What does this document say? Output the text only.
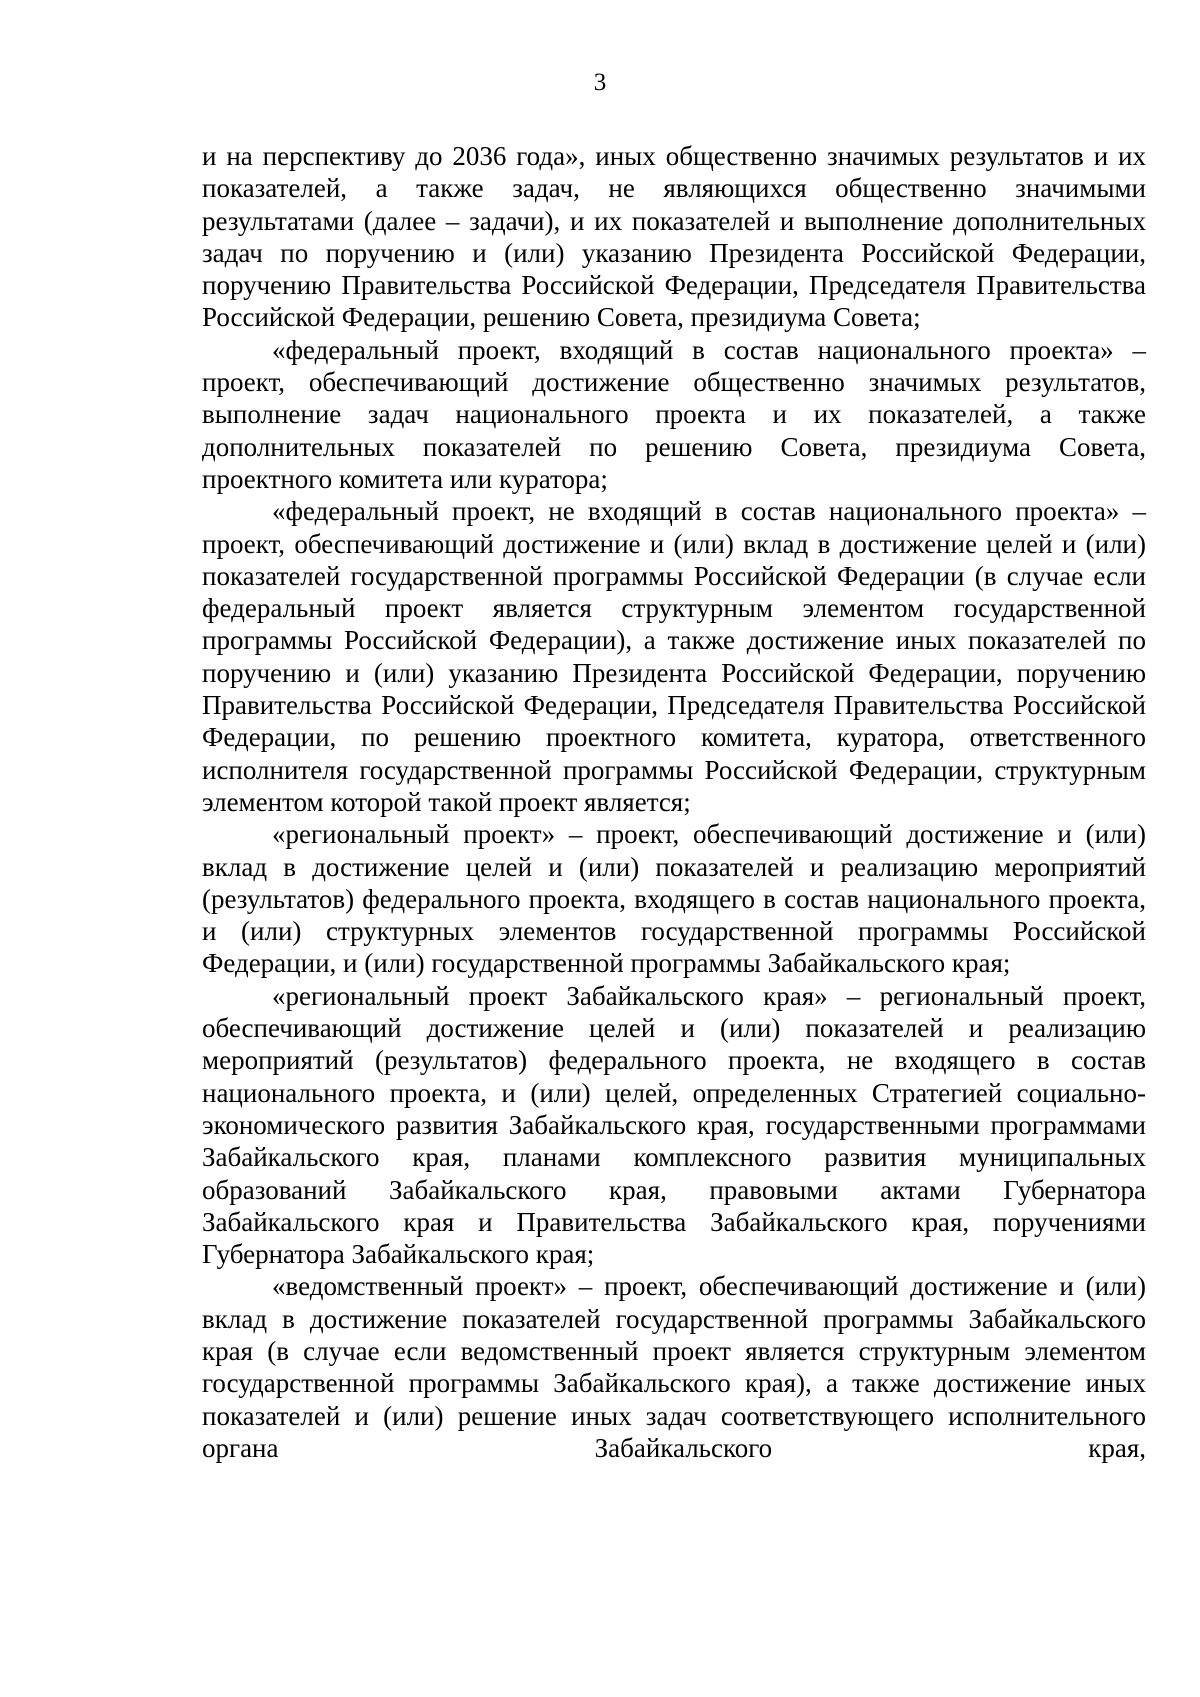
3

и на перспективу до 2036 года», иных общественно значимых результатов и их показателей, а также задач, не являющихся общественно значимыми результатами (далее – задачи), и их показателей и выполнение дополнительных задач по поручению и (или) указанию Президента Российской Федерации, поручению Правительства Российской Федерации, Председателя Правительства Российской Федерации, решению Совета, президиума Совета;

«федеральный проект, входящий в состав национального проекта» – проект, обеспечивающий достижение общественно значимых результатов, выполнение задач национального проекта и их показателей, а также дополнительных показателей по решению Совета, президиума Совета, проектного комитета или куратора;

«федеральный проект, не входящий в состав национального проекта» – проект, обеспечивающий достижение и (или) вклад в достижение целей и (или) показателей государственной программы Российской Федерации (в случае если федеральный проект является структурным элементом государственной программы Российской Федерации), а также достижение иных показателей по поручению и (или) указанию Президента Российской Федерации, поручению Правительства Российской Федерации, Председателя Правительства Российской Федерации, по решению проектного комитета, куратора, ответственного исполнителя государственной программы Российской Федерации, структурным элементом которой такой проект является;

«региональный проект» – проект, обеспечивающий достижение и (или) вклад в достижение целей и (или) показателей и реализацию мероприятий (результатов) федерального проекта, входящего в состав национального проекта, и (или) структурных элементов государственной программы Российской Федерации, и (или) государственной программы Забайкальского края;

«региональный проект Забайкальского края» – региональный проект, обеспечивающий достижение целей и (или) показателей и реализацию мероприятий (результатов) федерального проекта, не входящего в состав национального проекта, и (или) целей, определенных Стратегией социально-экономического развития Забайкальского края, государственными программами Забайкальского края, планами комплексного развития муниципальных образований Забайкальского края, правовыми актами Губернатора Забайкальского края и Правительства Забайкальского края, поручениями Губернатора Забайкальского края;

«ведомственный проект» – проект, обеспечивающий достижение и (или) вклад в достижение показателей государственной программы Забайкальского края (в случае если ведомственный проект является структурным элементом государственной программы Забайкальского края), а также достижение иных показателей и (или) решение иных задач соответствующего исполнительного органа Забайкальского края,
